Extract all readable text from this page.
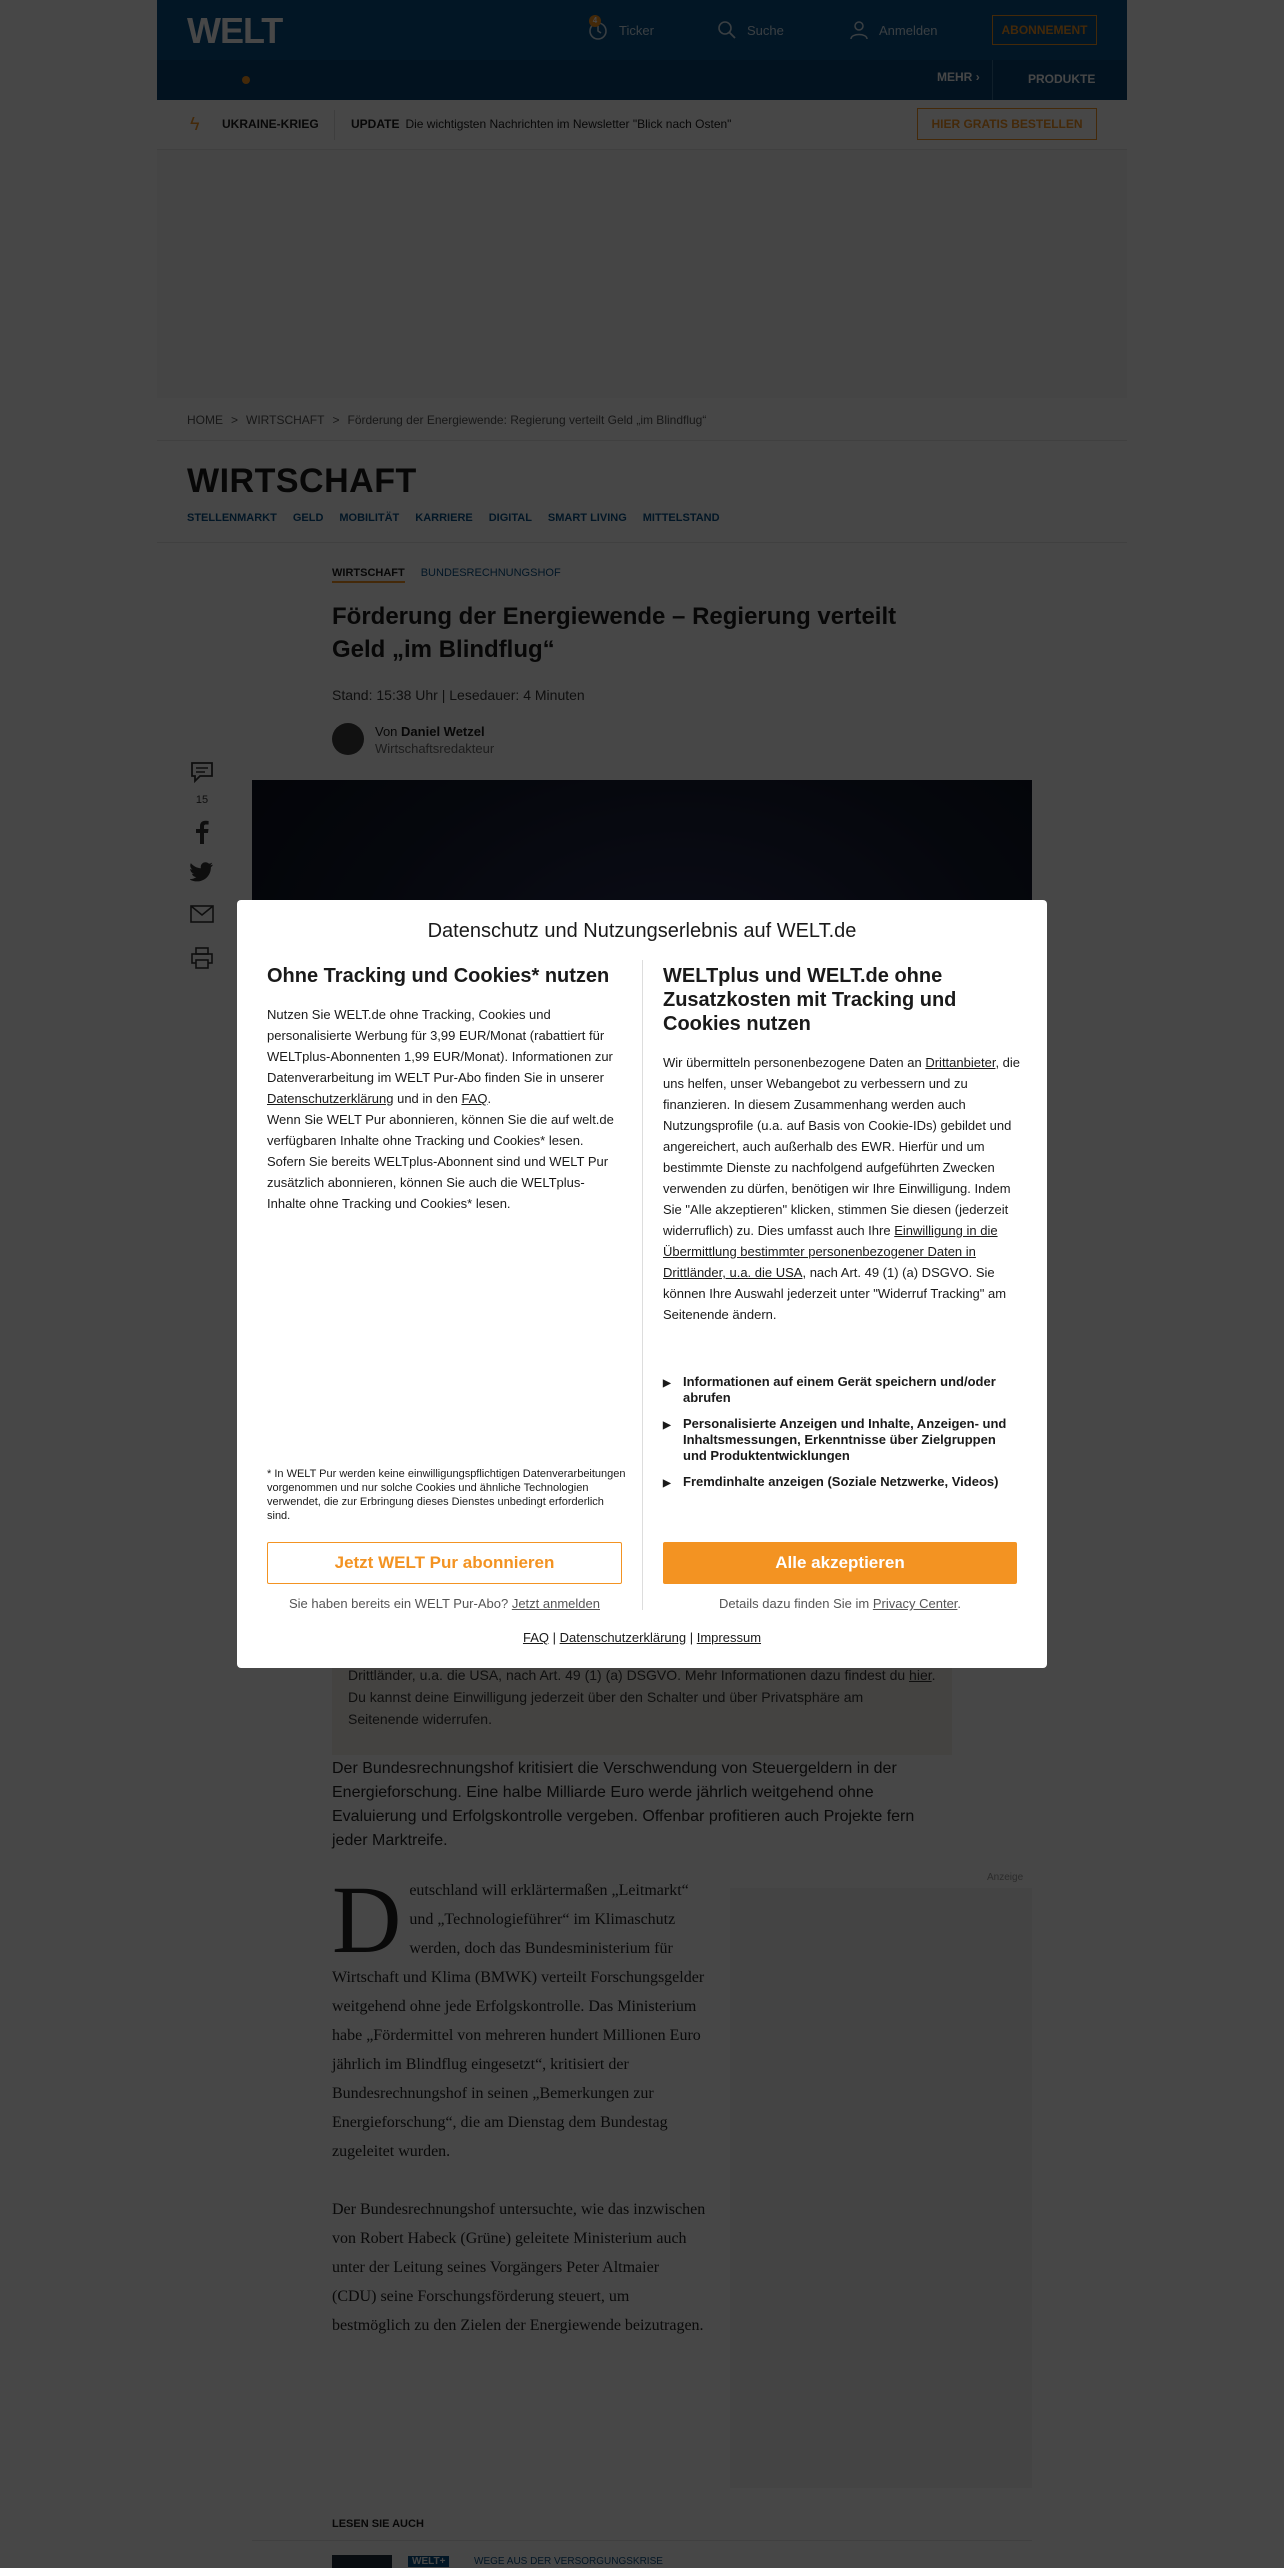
Datenschutz und Nutzungserlebnis auf WELT.de
Ohne Tracking und Cookies* nutzen
Nutzen Sie WELT.de ohne Tracking, Cookies und personalisierte Werbung für 3,99 EUR/Monat (rabattiert für WELTplus-Abonnenten 1,99 EUR/Monat). Informationen zur Datenverarbeitung im WELT Pur-Abo finden Sie in unserer Datenschutzerklärung und in den FAQ.
Wenn Sie WELT Pur abonnieren, können Sie die auf welt.de verfügbaren Inhalte ohne Tracking und Cookies* lesen. Sofern Sie bereits WELTplus-Abonnent sind und WELT Pur zusätzlich abonnieren, können Sie auch die WELTplus-Inhalte ohne Tracking und Cookies* lesen.
* In WELT Pur werden keine einwilligungspflichtigen Datenverarbeitungen vorgenommen und nur solche Cookies und ähnliche Technologien verwendet, die zur Erbringung dieses Dienstes unbedingt erforderlich sind.
WELTplus und WELT.de ohne Zusatzkosten mit Tracking und Cookies nutzen
Wir übermitteln personenbezogene Daten an Drittanbieter, die uns helfen, unser Webangebot zu verbessern und zu finanzieren. In diesem Zusammenhang werden auch Nutzungsprofile (u.a. auf Basis von Cookie-IDs) gebildet und angereichert, auch außerhalb des EWR. Hierfür und um bestimmte Dienste zu nachfolgend aufgeführten Zwecken verwenden zu dürfen, benötigen wir Ihre Einwilligung. Indem Sie "Alle akzeptieren" klicken, stimmen Sie diesen (jederzeit widerruflich) zu. Dies umfasst auch Ihre Einwilligung in die Übermittlung bestimmter personenbezogener Daten in Drittländer, u.a. die USA, nach Art. 49 (1) (a) DSGVO. Sie können Ihre Auswahl jederzeit unter "Widerruf Tracking" am Seitenende ändern.
▶ Informationen auf einem Gerät speichern und/oder abrufen
▶ Personalisierte Anzeigen und Inhalte, Anzeigen- und Inhaltsmessungen, Erkenntnisse über Zielgruppen und Produktentwicklungen
▶ Fremdinhalte anzeigen (Soziale Netzwerke, Videos)
Jetzt WELT Pur abonnieren	Alle akzeptieren
Sie haben bereits ein WELT Pur-Abo? Jetzt anmelden	Details dazu finden Sie im Privacy Center.
FAQ | Datenschutzerklärung | Impressum
